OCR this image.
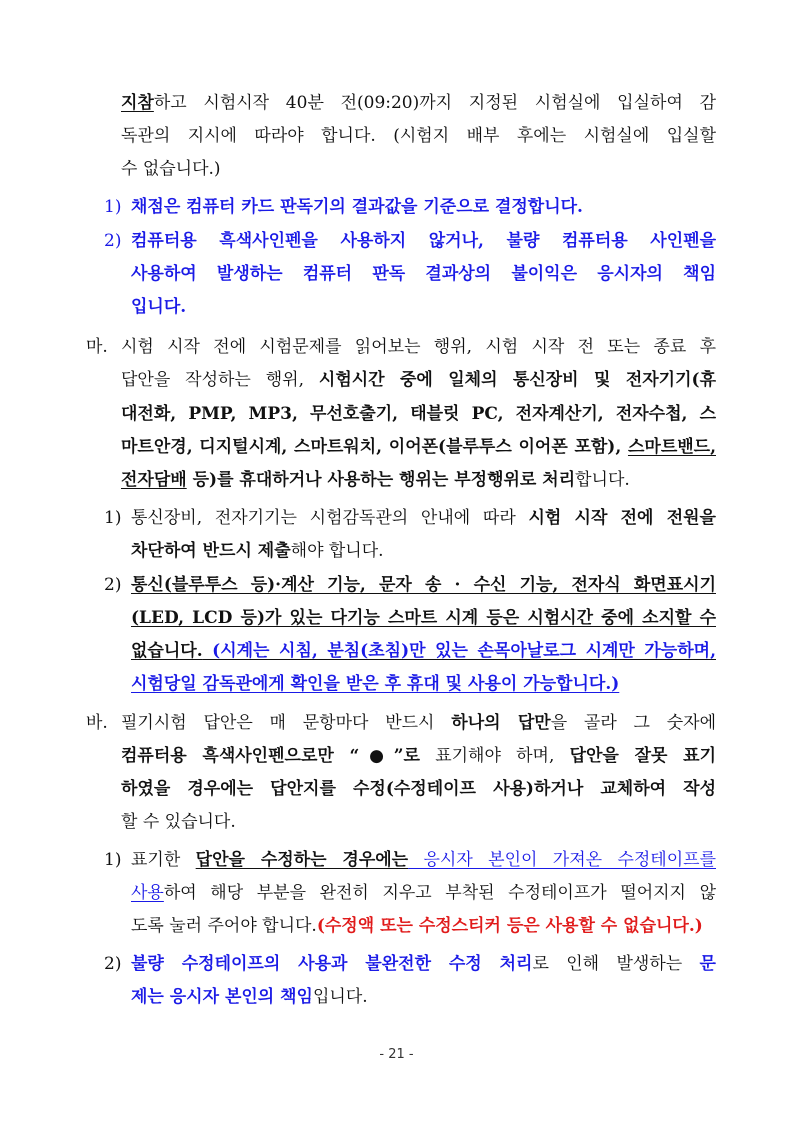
지참하고 시험시작 40분 전(09:20)까지 지정된 시험실에 입실하여 감
독관의 지시에 따라야 합니다. (시험지 배부 후에는 시험실에 입실할
수 없습니다.)
1) 채점은 컴퓨터 카드 판독기의 결과값을 기준으로 결정합니다.
2) 컴퓨터용 흑색사인펜을 사용하지 않거나, 불량 컴퓨터용 사인펜을
사용하여 발생하는 컴퓨터 판독 결과상의 불이익은 응시자의 책임
입니다.
마. 시험 시작 전에 시험문제를 읽어보는 행위, 시험 시작 전 또는 종료 후
답안을 작성하는 행위, 시험시간 중에 일체의 통신장비 및 전자기기(휴
대전화, PMP, MP3, 무선호출기, 태블릿 PC, 전자계산기, 전자수첩, 스
마트안경, 디지털시계, 스마트워치, 이어폰(블루투스 이어폰 포함), 스마트밴드,
전자담배 등)를 휴대하거나 사용하는 행위는 부정행위로 처리합니다.
1) 통신장비, 전자기기는 시험감독관의 안내에 따라 시험 시작 전에 전원을
차단하여 반드시 제출해야 합니다.
2) 통신(블루투스 등)·계산 기능, 문자 송 · 수신 기능, 전자식 화면표시기
(LED, LCD 등)가 있는 다기능 스마트 시계 등은 시험시간 중에 소지할 수
없습니다. (시계는 시침, 분침(초침)만 있는 손목아날로그 시계만 가능하며,
시험당일 감독관에게 확인을 받은 후 휴대 및 사용이 가능합니다.)
바. 필기시험 답안은 매 문항마다 반드시 하나의 답만을 골라 그 숫자에
컴퓨터용 흑색사인펜으로만 “●”로 표기해야 하며, 답안을 잘못 표기
하였을 경우에는 답안지를 수정(수정테이프 사용)하거나 교체하여 작성
할 수 있습니다.
1) 표기한 답안을 수정하는 경우에는 응시자 본인이 가져온 수정테이프를
사용하여 해당 부분을 완전히 지우고 부착된 수정테이프가 떨어지지 않
도록 눌러 주어야 합니다.(수정액 또는 수정스티커 등은 사용할 수 없습니다.)
2) 불량 수정테이프의 사용과 불완전한 수정 처리로 인해 발생하는 문
제는 응시자 본인의 책임입니다.
- 21 -
